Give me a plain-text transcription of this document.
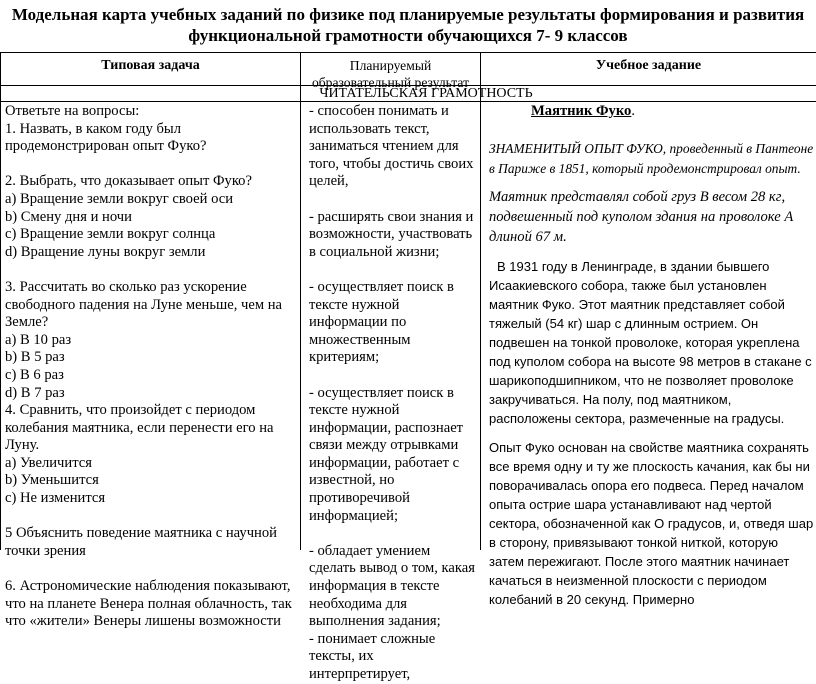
Модельная карта учебных заданий по физике под планируемые результаты формирования и развития функциональной грамотности обучающихся 7- 9 классов
Типовая задача	Планируемый образовательный результат
Учебное задание
ЧИТАТЕЛЬСКАЯ ГРАМОТНОСТЬ

Ответьте на вопросы:
1. Назвать, в каком году был продемонстрирован опыт Фуко?

2. Выбрать, что доказывает опыт Фуко?
a) Вращение земли вокруг своей оси
b) Смену дня и ночи
c) Вращение земли вокруг солнца
d) Вращение луны вокруг земли

3. Рассчитать во сколько раз ускорение свободного падения на Луне меньше, чем на Земле?
a) В 10 раз
b) В 5 раз
c) В 6 раз
d) В 7 раз
4. Сравнить, что произойдет с периодом колебания маятника, если перенести его на Луну.
a) Увеличится
b) Уменьшится
c) Не изменится

5 Объяснить поведение маятника с научной точки зрения

6. Астрономические наблюдения показывают, что на планете Венера полная облачность, так что «жители» Венеры лишены возможности

- способен понимать и использовать текст, заниматься чтением для того, чтобы достичь своих целей,

- расширять свои знания и возможности, участвовать в социальной жизни;

- осуществляет поиск в тексте нужной информации по множественным критериям;

- осуществляет поиск в тексте нужной информации, распознает связи между отрывками информации, работает с известной, но противоречивой информацией;

- обладает умением сделать вывод о том, какая информация в тексте необходима для выполнения задания;
- понимает сложные тексты, их интерпретирует,

Маятник Фуко.

ЗНАМЕНИТЫЙ ОПЫТ ФУКО, проведенный в Пантеоне в Париже в 1851, который продемонстрировал опыт.

Маятник представлял собой груз В весом 28 кг, подвешенный под куполом здания на проволоке А длиной 67 м.

В 1931 году в Ленинграде, в здании бывшего Исаакиевского собора, также был установлен маятник Фуко. Этот маятник представляет собой тяжелый (54 кг) шар с длинным острием. Он подвешен на тонкой проволоке, которая укреплена под куполом собора на высоте 98 метров в стакане с шарикоподшипником, что не позволяет проволоке закручиваться. На полу, под маятником, расположены сектора, размеченные на градусы.

Опыт Фуко основан на свойстве маятника сохранять все время одну и ту же плоскость качания, как бы ни поворачивалась опора его подвеса. Перед началом опыта острие шара устанавливают над чертой сектора, обозначенной как О градусов, и, отведя шар в сторону, привязывают тонкой ниткой, которую затем пережигают. После этого маятник начинает качаться в неизменной плоскости с периодом колебаний в 20 секунд. Примерно
